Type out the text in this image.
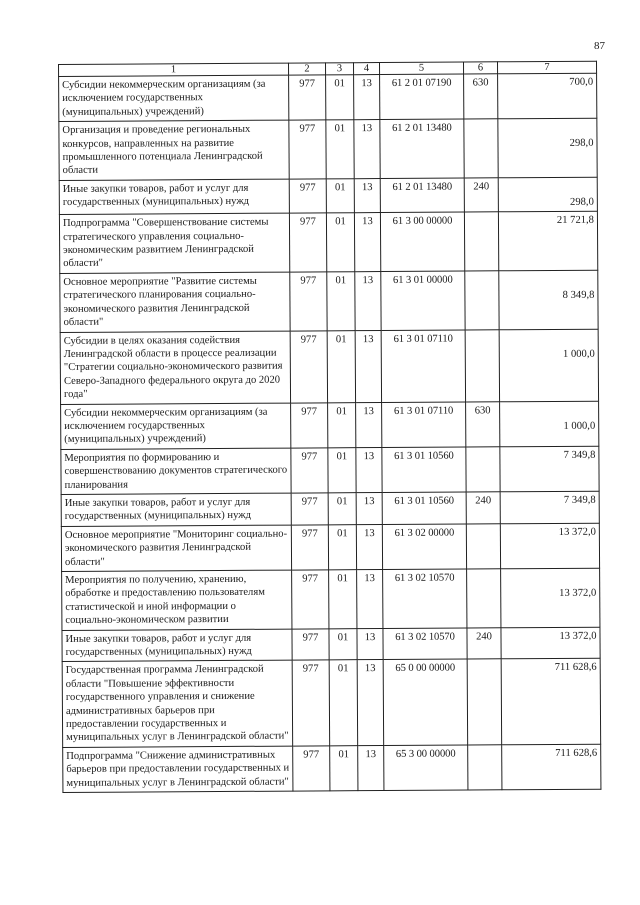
87
1	2	3	4	5	6	7
Субсидии некоммерческим организациям (за исключением государственных (муниципальных) учреждений)	977	01	13	61 2 01 07190	630	700,0
Организация и проведение региональных конкурсов, направленных на развитие промышленного потенциала Ленинградской области	977	01	13	61 2 01 13480		298,0
Иные закупки товаров, работ и услуг для государственных (муниципальных) нужд	977	01	13	61 2 01 13480	240	298,0
Подпрограмма "Совершенствование системы стратегического управления социально-экономическим развитием Ленинградской области"	977	01	13	61 3 00 00000		21 721,8
Основное мероприятие "Развитие системы стратегического планирования социально-экономического развития Ленинградской области"	977	01	13	61 3 01 00000		8 349,8
Субсидии в целях оказания содействия Ленинградской области в процессе реализации "Стратегии социально-экономического развития Северо-Западного федерального округа до 2020 года"	977	01	13	61 3 01 07110		1 000,0
Субсидии некоммерческим организациям (за исключением государственных (муниципальных) учреждений)	977	01	13	61 3 01 07110	630	1 000,0
Мероприятия по формированию и совершенствованию документов стратегического планирования	977	01	13	61 3 01 10560		7 349,8
Иные закупки товаров, работ и услуг для государственных (муниципальных) нужд	977	01	13	61 3 01 10560	240	7 349,8
Основное мероприятие "Мониторинг социально-экономического развития Ленинградской области"	977	01	13	61 3 02 00000		13 372,0
Мероприятия по получению, хранению, обработке и предоставлению пользователям статистической и иной информации о социально-экономическом развитии	977	01	13	61 3 02 10570		13 372,0
Иные закупки товаров, работ и услуг для государственных (муниципальных) нужд	977	01	13	61 3 02 10570	240	13 372,0
Государственная программа Ленинградской области "Повышение эффективности государственного управления и снижение административных барьеров при предоставлении государственных и муниципальных услуг в Ленинградской области"	977	01	13	65 0 00 00000		711 628,6
Подпрограмма "Снижение административных барьеров при предоставлении государственных и муниципальных услуг в Ленинградской области"	977	01	13	65 3 00 00000		711 628,6
